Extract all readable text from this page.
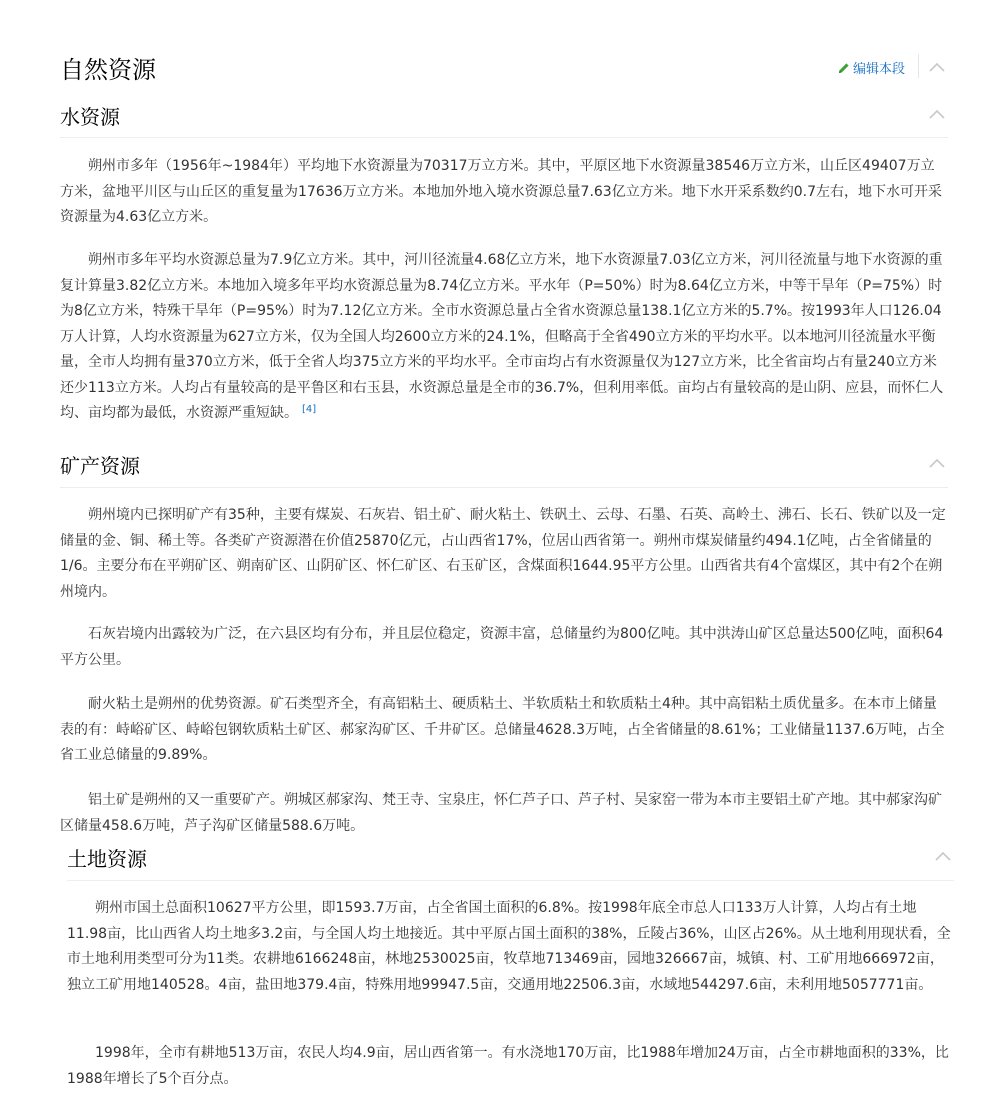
自然资源	编辑本段
水资源

朔州市多年（1956年~1984年）平均地下水资源量为70317万立方米。其中，平原区地下水资源量38546万立方米，山丘区49407万立方米，盆地平川区与山丘区的重复量为17636万立方米。本地加外地入境水资源总量7.63亿立方米。地下水开采系数约0.7左右，地下水可开采资源量为4.63亿立方米。

朔州市多年平均水资源总量为7.9亿立方米。其中，河川径流量4.68亿立方米，地下水资源量7.03亿立方米，河川径流量与地下水资源的重复计算量3.82亿立方米。本地加入境多年平均水资源总量为8.74亿立方米。平水年（P=50%）时为8.64亿立方米，中等干旱年（P=75%）时为8亿立方米，特殊干旱年（P=95%）时为7.12亿立方米。全市水资源总量占全省水资源总量138.1亿立方米的5.7%。按1993年人口126.04万人计算，人均水资源量为627立方米，仅为全国人均2600立方米的24.1%，但略高于全省490立方米的平均水平。以本地河川径流量水平衡量，全市人均拥有量370立方米，低于全省人均375立方米的平均水平。全市亩均占有水资源量仅为127立方米，比全省亩均占有量240立方米还少113立方米。人均占有量较高的是平鲁区和右玉县，水资源总量是全市的36.7%，但利用率低。亩均占有量较高的是山阴、应县，而怀仁人均、亩均都为最低，水资源严重短缺。 [4]

矿产资源

朔州境内已探明矿产有35种，主要有煤炭、石灰岩、铝土矿、耐火粘土、铁矾土、云母、石墨、石英、高岭土、沸石、长石、铁矿以及一定储量的金、铜、稀土等。各类矿产资源潜在价值25870亿元，占山西省17%，位居山西省第一。朔州市煤炭储量约494.1亿吨，占全省储量的1/6。主要分布在平朔矿区、朔南矿区、山阴矿区、怀仁矿区、右玉矿区，含煤面积1644.95平方公里。山西省共有4个富煤区，其中有2个在朔州境内。

石灰岩境内出露较为广泛，在六县区均有分布，并且层位稳定，资源丰富，总储量约为800亿吨。其中洪涛山矿区总量达500亿吨，面积64平方公里。

耐火粘土是朔州的优势资源。矿石类型齐全，有高铝粘土、硬质粘土、半软质粘土和软质粘土4种。其中高铝粘土质优量多。在本市上储量表的有：峙峪矿区、峙峪包钢软质粘土矿区、郝家沟矿区、千井矿区。总储量4628.3万吨，占全省储量的8.61%；工业储量1137.6万吨，占全省工业总储量的9.89%。

铝土矿是朔州的又一重要矿产。朔城区郝家沟、梵王寺、宝泉庄，怀仁芦子口、芦子村、吴家窑一带为本市主要铝土矿产地。其中郝家沟矿区储量458.6万吨，芦子沟矿区储量588.6万吨。

土地资源

朔州市国土总面积10627平方公里，即1593.7万亩，占全省国土面积的6.8%。按1998年底全市总人口133万人计算，人均占有土地11.98亩，比山西省人均土地多3.2亩，与全国人均土地接近。其中平原占国土面积的38%，丘陵占36%，山区占26%。从土地利用现状看，全市土地利用类型可分为11类。农耕地6166248亩，林地2530025亩，牧草地713469亩，园地326667亩，城镇、村、工矿用地666972亩，独立工矿用地140528。4亩，盐田地379.4亩，特殊用地99947.5亩，交通用地22506.3亩，水域地544297.6亩，未利用地5057771亩。

1998年，全市有耕地513万亩，农民人均4.9亩，居山西省第一。有水浇地170万亩，比1988年增加24万亩，占全市耕地面积的33%，比1988年增长了5个百分点。
